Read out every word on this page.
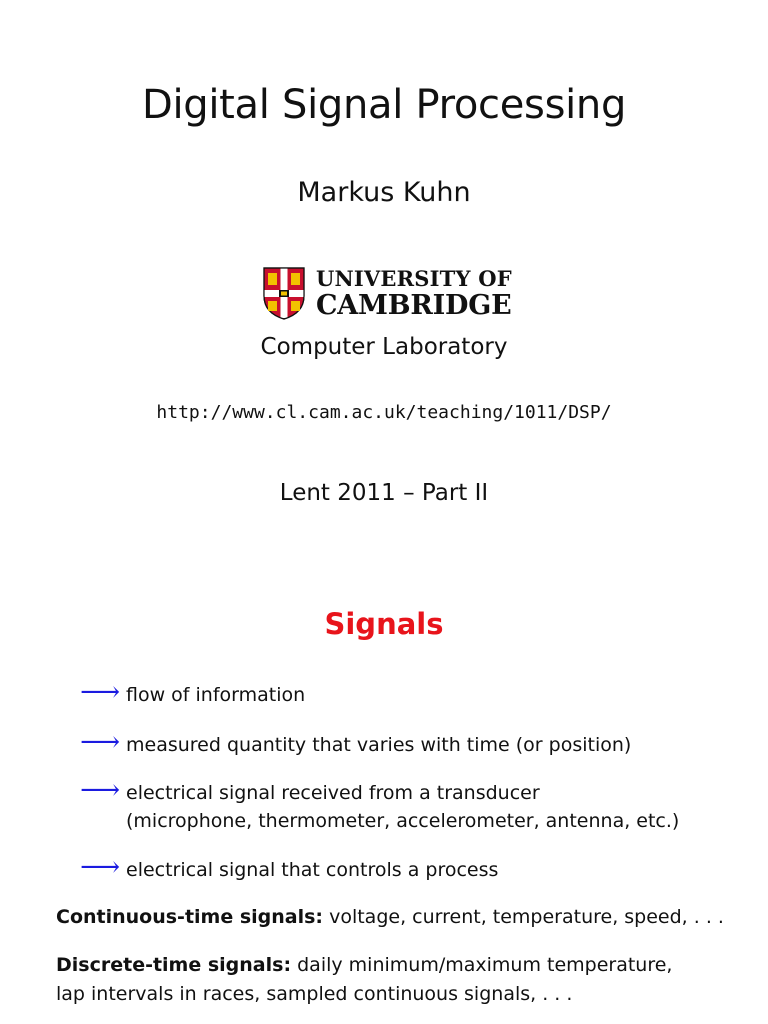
Digital Signal Processing
Markus Kuhn
UNIVERSITY OF
CAMBRIDGE
Computer Laboratory
http://www.cl.cam.ac.uk/teaching/1011/DSP/
Lent 2011 – Part II
Signals
⟶ flow of information
⟶ measured quantity that varies with time (or position)
⟶ electrical signal received from a transducer
(microphone, thermometer, accelerometer, antenna, etc.)
⟶ electrical signal that controls a process
Continuous-time signals: voltage, current, temperature, speed, . . .
Discrete-time signals: daily minimum/maximum temperature,
lap intervals in races, sampled continuous signals, . . .
